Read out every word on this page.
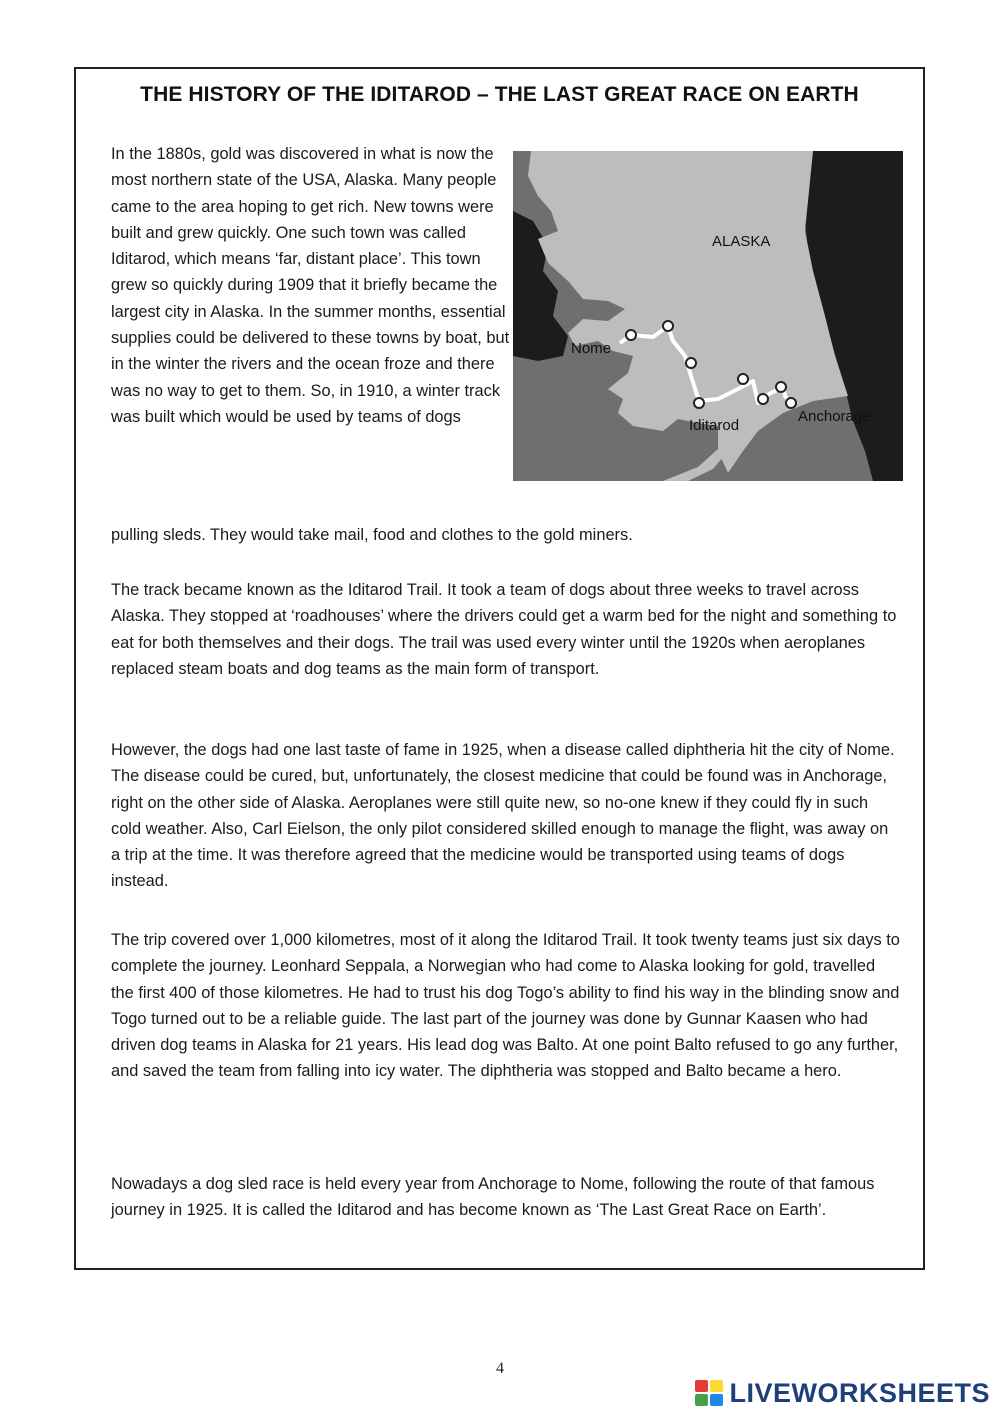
THE HISTORY OF THE IDITAROD – THE LAST GREAT RACE ON EARTH

In the 1880s, gold was discovered in what is now the most northern state of the USA, Alaska. Many people came to the area hoping to get rich. New towns were built and grew quickly. One such town was called Iditarod, which means ‘far, distant place’. This town grew so quickly during 1909 that it briefly became the largest city in Alaska. In the summer months, essential supplies could be delivered to these towns by boat, but in the winter the rivers and the ocean froze and there was no way to get to them. So, in 1910, a winter track was built which would be used by teams of dogs

ALASKA
Nome
Iditarod
Anchorage

pulling sleds. They would take mail, food and clothes to the gold miners.

The track became known as the Iditarod Trail. It took a team of dogs about three weeks to travel across Alaska. They stopped at ‘roadhouses’ where the drivers could get a warm bed for the night and something to eat for both themselves and their dogs. The trail was used every winter until the 1920s when aeroplanes replaced steam boats and dog teams as the main form of transport.

However, the dogs had one last taste of fame in 1925, when a disease called diphtheria hit the city of Nome. The disease could be cured, but, unfortunately, the closest medicine that could be found was in Anchorage, right on the other side of Alaska. Aeroplanes were still quite new, so no-one knew if they could fly in such cold weather. Also, Carl Eielson, the only pilot considered skilled enough to manage the flight, was away on a trip at the time. It was therefore agreed that the medicine would be transported using teams of dogs instead.

The trip covered over 1,000 kilometres, most of it along the Iditarod Trail. It took twenty teams just six days to complete the journey. Leonhard Seppala, a Norwegian who had come to Alaska looking for gold, travelled the first 400 of those kilometres. He had to trust his dog Togo’s ability to find his way in the blinding snow and Togo turned out to be a reliable guide. The last part of the journey was done by Gunnar Kaasen who had driven dog teams in Alaska for 21 years. His lead dog was Balto. At one point Balto refused to go any further, and saved the team from falling into icy water. The diphtheria was stopped and Balto became a hero.

Nowadays a dog sled race is held every year from Anchorage to Nome, following the route of that famous journey in 1925. It is called the Iditarod and has become known as ‘The Last Great Race on Earth’.

4
LIVEWORKSHEETS
